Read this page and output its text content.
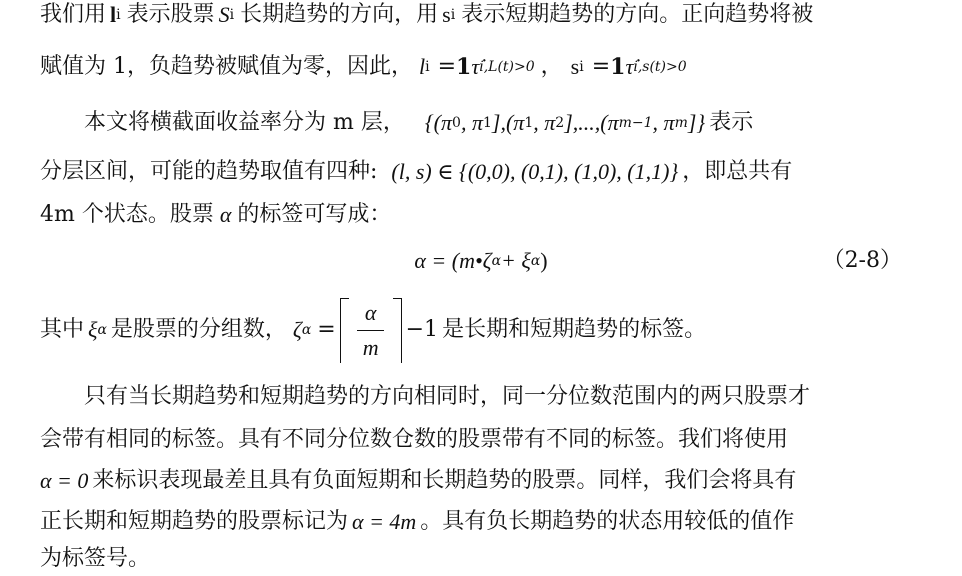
我们用 l i 表示股票 S i 长期趋势的方向，用 s i 表示短期趋势的方向。正向趋势将被
赋值为 1，负趋势被赋值为零，因此， l i = 1 τ̇ i,L(t)>0 ， s i = 1 τ̇ i,s(t)>0
本文将横截面收益率分为 m 层， {(π 0 , π 1 ],(π 1 , π 2 ],...,(π m−1 , π m ]} 表示
分层区间，可能的趋势取值有四种: (l, s) ∈ {(0,0), (0,1), (1,0), (1,1)} ，即总共有
4m 个状态。股票 α 的标签可写成：
α = (m•ζ α + ξ α )	（2-8）
其中 ξ α 是股票的分组数， ζ $\alpha = \frac{\alpha}{m} -1$ 是长期和短期趋势的标签。
只有当长期趋势和短期趋势的方向相同时，同一分位数范围内的两只股票才
会带有相同的标签。具有不同分位数仓数的股票带有不同的标签。我们将使用
α = 0 来标识表现最差且具有负面短期和长期趋势的股票。同样，我们会将具有
正长期和短期趋势的股票标记为 α = 4m 。具有负长期趋势的状态用较低的值作
为标签号。
